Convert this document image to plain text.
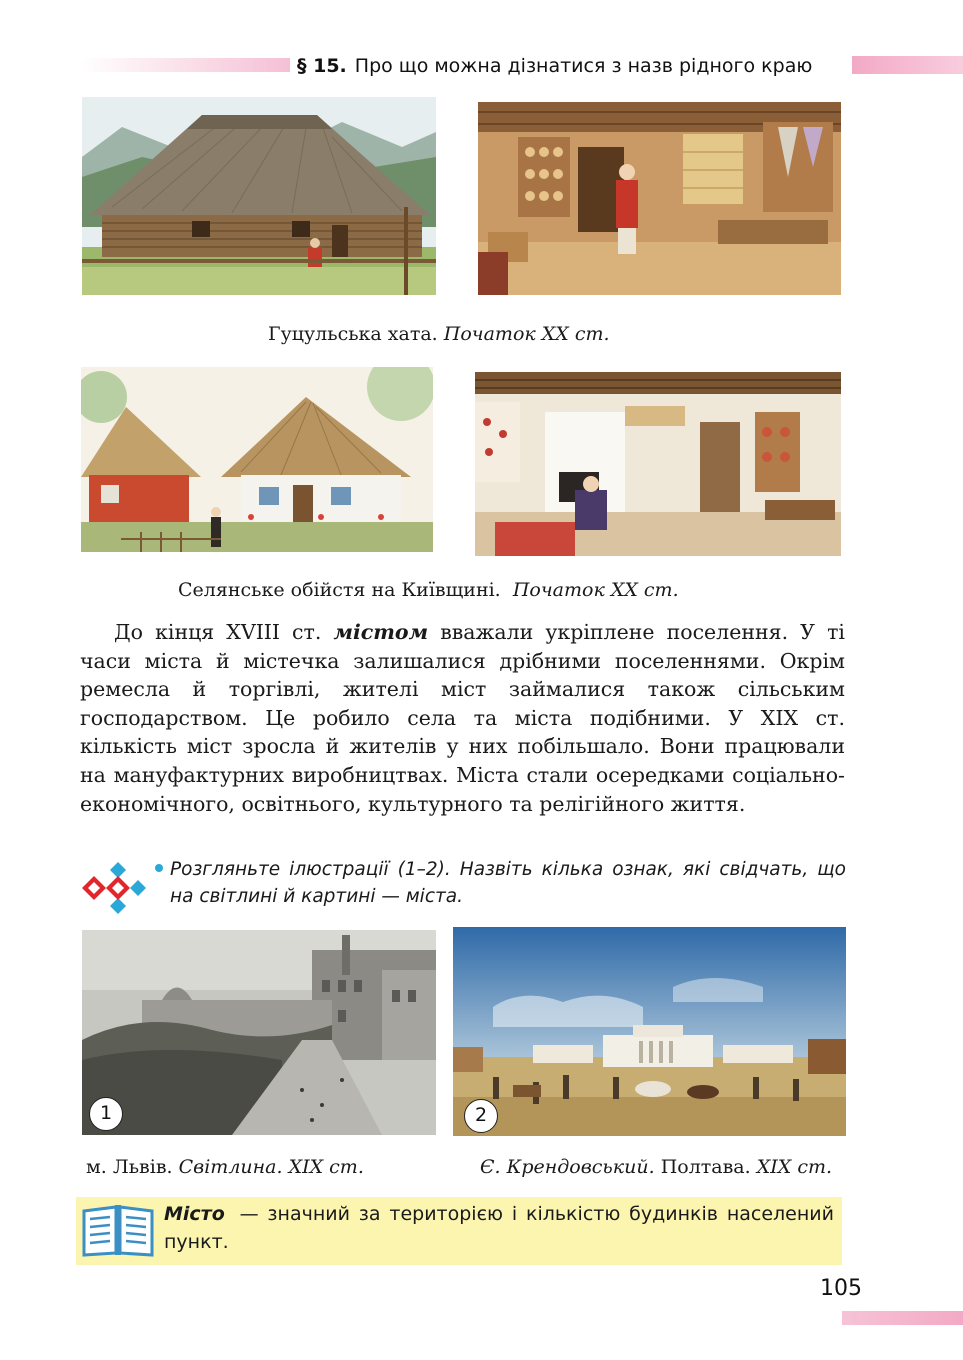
§ 15. Про що можна дізнатися з назв рідного краю
Гуцульська хата. Початок ХХ ст.
Селянське обійстя на Київщині. Початок ХХ ст.

До кінця XVIII ст. містом вважали укріплене поселення. У ті часи міста й містечка залишалися дрібними поселеннями. Окрім ремесла й торгівлі, жителі міст займалися також сільським господарством. Це робило села та міста подібними. У ХІХ ст. кількість міст зросла й жителів у них побільшало. Вони працювали на мануфактурних виробництвах. Міста стали осередками соціально-економічного, освітнього, культурного та релігійного життя.

Розгляньте ілюстрації (1–2). Назвіть кілька ознак, які свідчать, що на світлині й картині — міста.
1	2
м. Львів. Світлина. ХІХ ст.	Є. Крендовський. Полтава. ХІХ ст.
Місто — значний за територією і кількістю будинків населений пункт.
105
